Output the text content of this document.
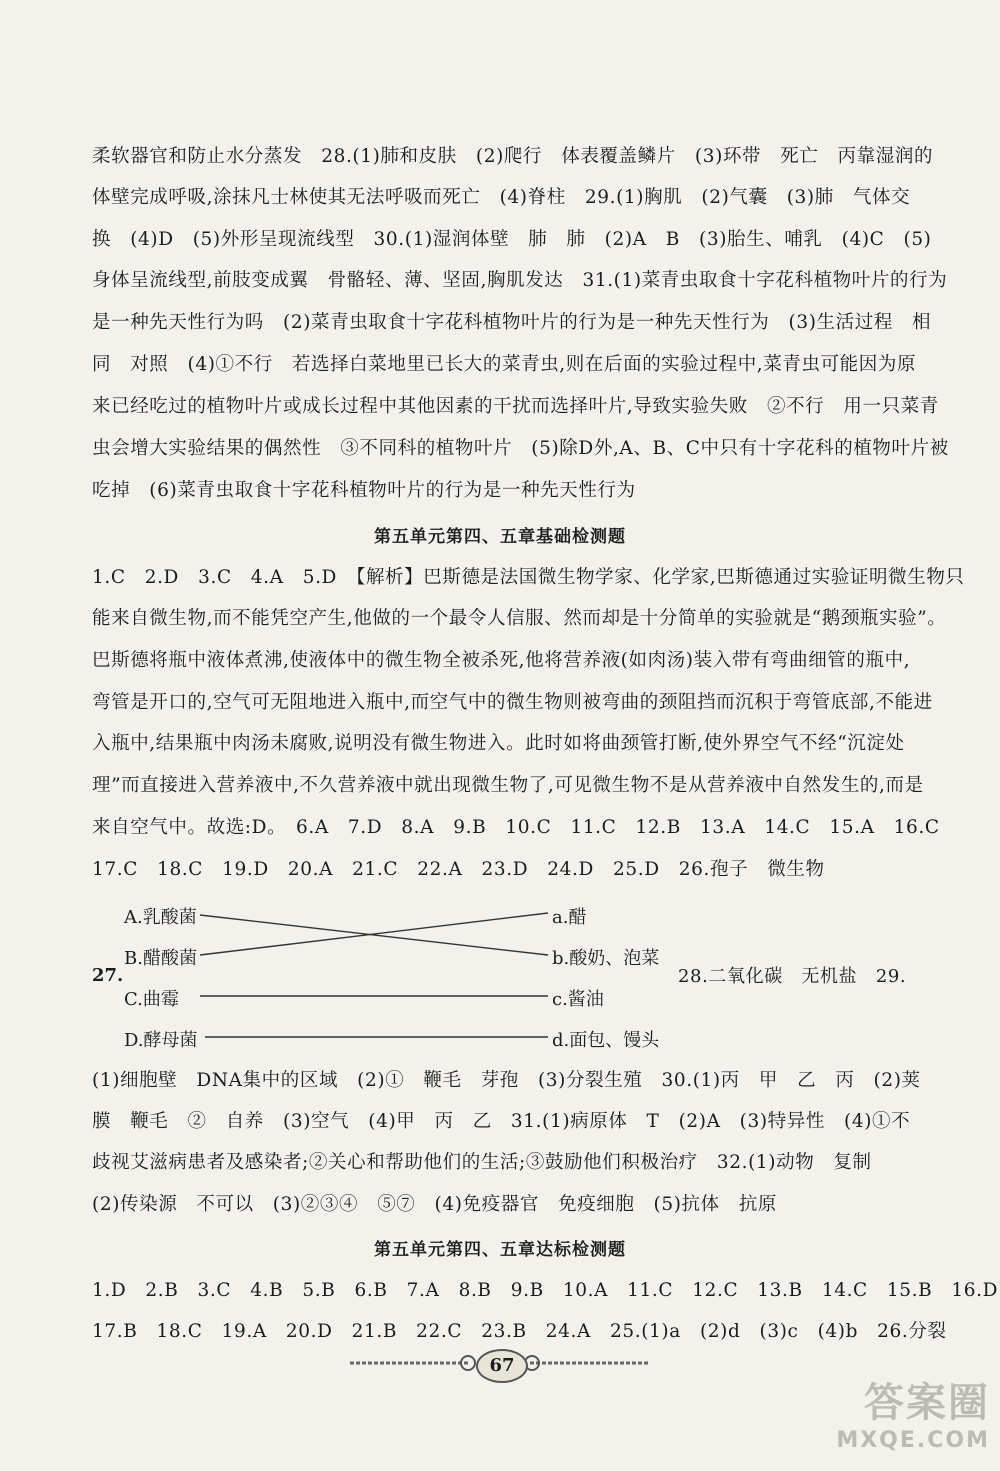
柔软器官和防止水分蒸发　28.(1)肺和皮肤　(2)爬行　体表覆盖鳞片　(3)环带　死亡　丙靠湿润的
体壁完成呼吸,涂抹凡士林使其无法呼吸而死亡　(4)脊柱　29.(1)胸肌　(2)气囊　(3)肺　气体交
换　(4)D　(5)外形呈现流线型　30.(1)湿润体壁　肺　肺　(2)A　B　(3)胎生、哺乳　(4)C　(5)
身体呈流线型,前肢变成翼　骨骼轻、薄、坚固,胸肌发达　31.(1)菜青虫取食十字花科植物叶片的行为
是一种先天性行为吗　(2)菜青虫取食十字花科植物叶片的行为是一种先天性行为　(3)生活过程　相
同　对照　(4)①不行　若选择白菜地里已长大的菜青虫,则在后面的实验过程中,菜青虫可能因为原
来已经吃过的植物叶片或成长过程中其他因素的干扰而选择叶片,导致实验失败　②不行　用一只菜青
虫会增大实验结果的偶然性　③不同科的植物叶片　(5)除D外,A、B、C中只有十字花科的植物叶片被
吃掉　(6)菜青虫取食十字花科植物叶片的行为是一种先天性行为
第五单元第四、五章基础检测题
1.C　2.D　3.C　4.A　5.D　【解析】巴斯德是法国微生物学家、化学家,巴斯德通过实验证明微生物只
能来自微生物,而不能凭空产生,他做的一个最令人信服、然而却是十分简单的实验就是“鹅颈瓶实验”。
巴斯德将瓶中液体煮沸,使液体中的微生物全被杀死,他将营养液(如肉汤)装入带有弯曲细管的瓶中,
弯管是开口的,空气可无阻地进入瓶中,而空气中的微生物则被弯曲的颈阻挡而沉积于弯管底部,不能进
入瓶中,结果瓶中肉汤未腐败,说明没有微生物进入。此时如将曲颈管打断,使外界空气不经“沉淀处
理”而直接进入营养液中,不久营养液中就出现微生物了,可见微生物不是从营养液中自然发生的,而是
来自空气中。故选:D。　6.A　7.D　8.A　9.B　10.C　11.C　12.B　13.A　14.C　15.A　16.C
17.C　18.C　19.D　20.A　21.C　22.A　23.D　24.D　25.D　26.孢子　微生物
A.乳酸菌
B.醋酸菌
C.曲霉
D.酵母菌
a.醋
b.酸奶、泡菜
c.酱油
d.面包、馒头
27.	28.二氧化碳　无机盐　29.
(1)细胞壁　DNA集中的区域　(2)①　鞭毛　芽孢　(3)分裂生殖　30.(1)丙　甲　乙　丙　(2)荚
膜　鞭毛　②　自养　(3)空气　(4)甲　丙　乙　31.(1)病原体　T　(2)A　(3)特异性　(4)①不
歧视艾滋病患者及感染者;②关心和帮助他们的生活;③鼓励他们积极治疗　32.(1)动物　复制
(2)传染源　不可以　(3)②③④　⑤⑦　(4)免疫器官　免疫细胞　(5)抗体　抗原
第五单元第四、五章达标检测题
1.D　2.B　3.C　4.B　5.B　6.B　7.A　8.B　9.B　10.A　11.C　12.C　13.B　14.C　15.B　16.D
17.B　18.C　19.A　20.D　21.B　22.C　23.B　24.A　25.(1)a　(2)d　(3)c　(4)b　26.分裂
67
答案圈
MXQE.COM
